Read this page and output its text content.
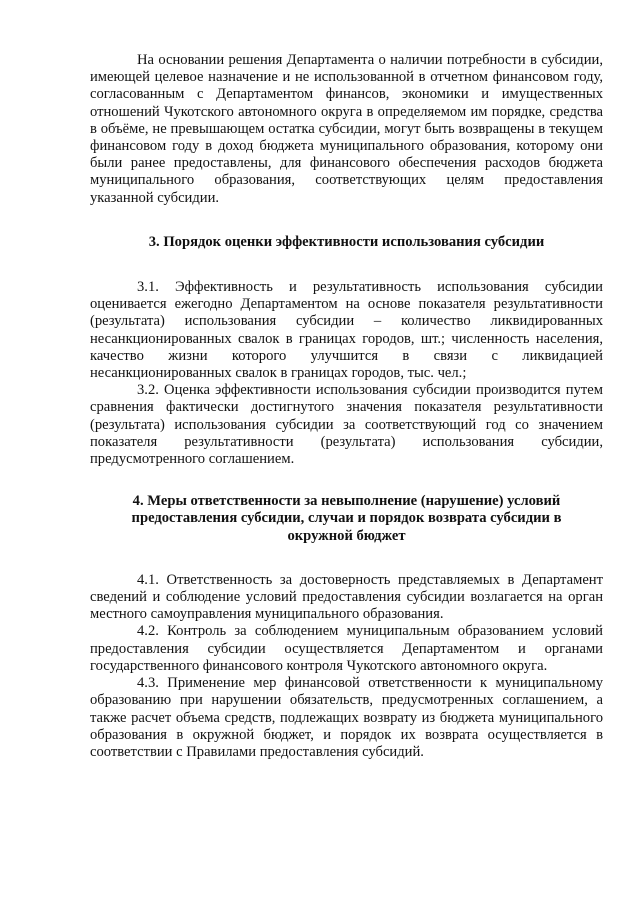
На основании решения Департамента о наличии потребности в субсидии, имеющей целевое назначение и не использованной в отчетном финансовом году, согласованным с Департаментом финансов, экономики и имущественных отношений Чукотского автономного округа в определяемом им порядке, средства в объёме, не превышающем остатка субсидии, могут быть возвращены в текущем финансовом году в доход бюджета муниципального образования, которому они были ранее предоставлены, для финансового обеспечения расходов бюджета муниципального образования, соответствующих целям предоставления указанной субсидии.

3. Порядок оценки эффективности использования субсидии

3.1. Эффективность и результативность использования субсидии оценивается ежегодно Департаментом на основе показателя результативности (результата) использования субсидии – количество ликвидированных несанкционированных свалок в границах городов, шт.; численность населения, качество жизни которого улучшится в связи с ликвидацией несанкционированных свалок в границах городов, тыс. чел.;

3.2. Оценка эффективности использования субсидии производится путем сравнения фактически достигнутого значения показателя результативности (результата) использования субсидии за соответствующий год со значением показателя результативности (результата) использования субсидии, предусмотренного соглашением.

4. Меры ответственности за невыполнение (нарушение) условий
предоставления субсидии, случаи и порядок возврата субсидии в
окружной бюджет

4.1. Ответственность за достоверность представляемых в Департамент сведений и соблюдение условий предоставления субсидии возлагается на орган местного самоуправления муниципального образования.

4.2. Контроль за соблюдением муниципальным образованием условий предоставления субсидии осуществляется Департаментом и органами государственного финансового контроля Чукотского автономного округа.

4.3. Применение мер финансовой ответственности к муниципальному образованию при нарушении обязательств, предусмотренных соглашением, а также расчет объема средств, подлежащих возврату из бюджета муниципального образования в окружной бюджет, и порядок их возврата осуществляется в соответствии с Правилами предоставления субсидий.
